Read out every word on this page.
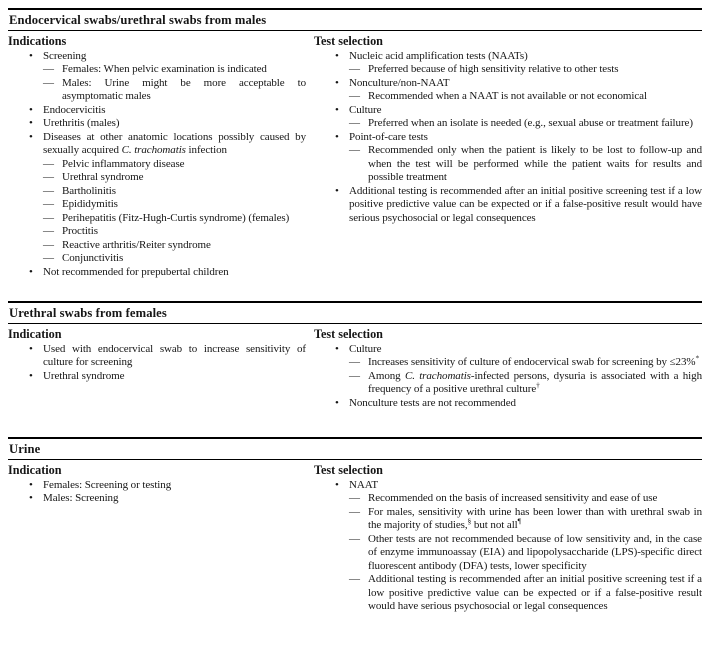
Endocervical swabs/urethral swabs from males
Indications
• Screening
— Females: When pelvic examination is indicated
— Males: Urine might be more acceptable to asymptomatic males
• Endocervicitis
• Urethritis (males)
• Diseases at other anatomic locations possibly caused by sexually acquired C. trachomatis infection
— Pelvic inflammatory disease
— Urethral syndrome
— Bartholinitis
— Epididymitis
— Perihepatitis (Fitz-Hugh-Curtis syndrome) (females)
— Proctitis
— Reactive arthritis/Reiter syndrome
— Conjunctivitis
• Not recommended for prepubertal children
Test selection
• Nucleic acid amplification tests (NAATs)
— Preferred because of high sensitivity relative to other tests
• Nonculture/non-NAAT
— Recommended when a NAAT is not available or not economical
• Culture
— Preferred when an isolate is needed (e.g., sexual abuse or treatment failure)
• Point-of-care tests
— Recommended only when the patient is likely to be lost to follow-up and when the test will be performed while the patient waits for results and possible treatment
• Additional testing is recommended after an initial positive screening test if a low positive predictive value can be expected or if a false-positive result would have serious psychosocial or legal consequences
Urethral swabs from females
Indication
• Used with endocervical swab to increase sensitivity of culture for screening
• Urethral syndrome
Test selection
• Culture
— Increases sensitivity of culture of endocervical swab for screening by ≤23%*
— Among C. trachomatis-infected persons, dysuria is associated with a high frequency of a positive urethral culture†
• Nonculture tests are not recommended
Urine
Indication
• Females: Screening or testing
• Males: Screening
Test selection
• NAAT
— Recommended on the basis of increased sensitivity and ease of use
— For males, sensitivity with urine has been lower than with urethral swab in the majority of studies,§ but not all¶
— Other tests are not recommended because of low sensitivity and, in the case of enzyme immunoassay (EIA) and lipopolysaccharide (LPS)-specific direct fluorescent antibody (DFA) tests, lower specificity
— Additional testing is recommended after an initial positive screening test if a low positive predictive value can be expected or if a false-positive result would have serious psychosocial or legal consequences
